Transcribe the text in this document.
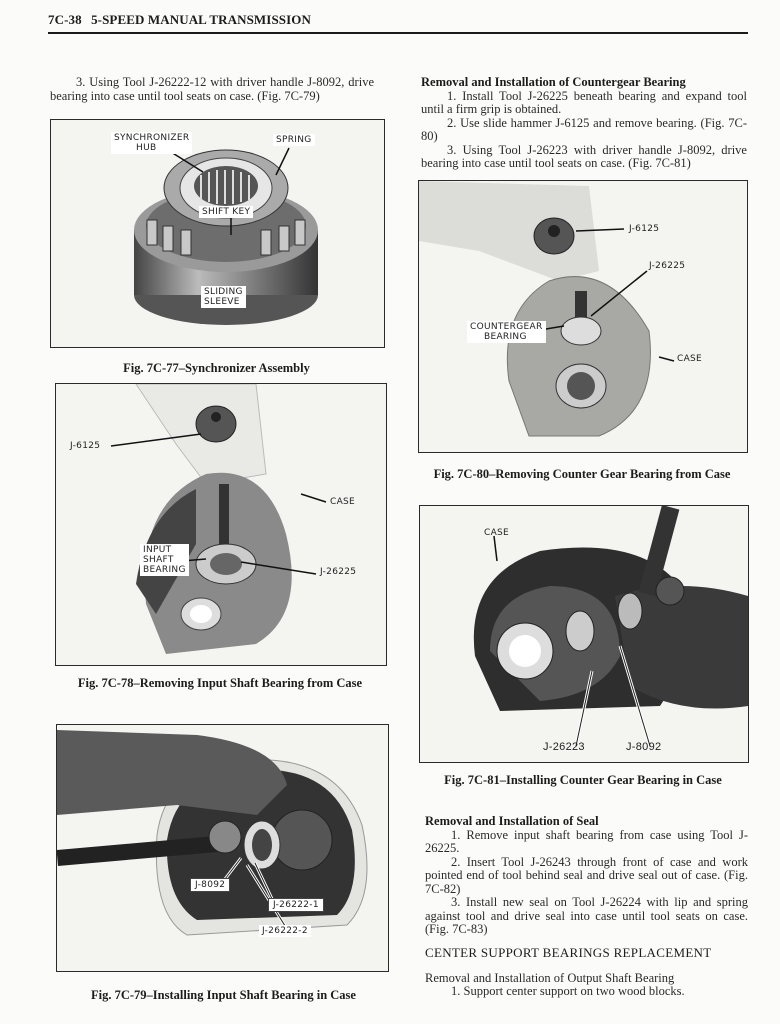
7C-38 5-SPEED MANUAL TRANSMISSION

3. Using Tool J-26222-12 with driver handle J-8092, drive bearing into case until tool seats on case. (Fig. 7C-79)

SYNCHRONIZER
HUB
SPRING
SHIFT KEY
SLIDING
SLEEVE
Fig. 7C-77–Synchronizer Assembly
J-6125
CASE
INPUT
SHAFT
BEARING	J-26225
Fig. 7C-78–Removing Input Shaft Bearing from Case
J-8092
J-26222-1
J-26222-2
Fig. 7C-79–Installing Input Shaft Bearing in Case

Removal and Installation of Countergear Bearing

1. Install Tool J-26225 beneath bearing and expand tool until a firm grip is obtained.

2. Use slide hammer J-6125 and remove bearing. (Fig. 7C-80)

3. Using Tool J-26223 with driver handle J-8092, drive bearing into case until tool seats on case. (Fig. 7C-81)

J-6125
J-26225
COUNTERGEAR
BEARING
CASE
Fig. 7C-80–Removing Counter Gear Bearing from Case
CASE
J-26223	J-8092
Fig. 7C-81–Installing Counter Gear Bearing in Case

Removal and Installation of Seal

1. Remove input shaft bearing from case using Tool J-26225.

2. Insert Tool J-26243 through front of case and work pointed end of tool behind seal and drive seal out of case. (Fig. 7C-82)

3. Install new seal on Tool J-26224 with lip and spring against tool and drive seal into case until tool seats on case. (Fig. 7C-83)

CENTER SUPPORT BEARINGS REPLACEMENT

Removal and Installation of Output Shaft Bearing

1. Support center support on two wood blocks.
